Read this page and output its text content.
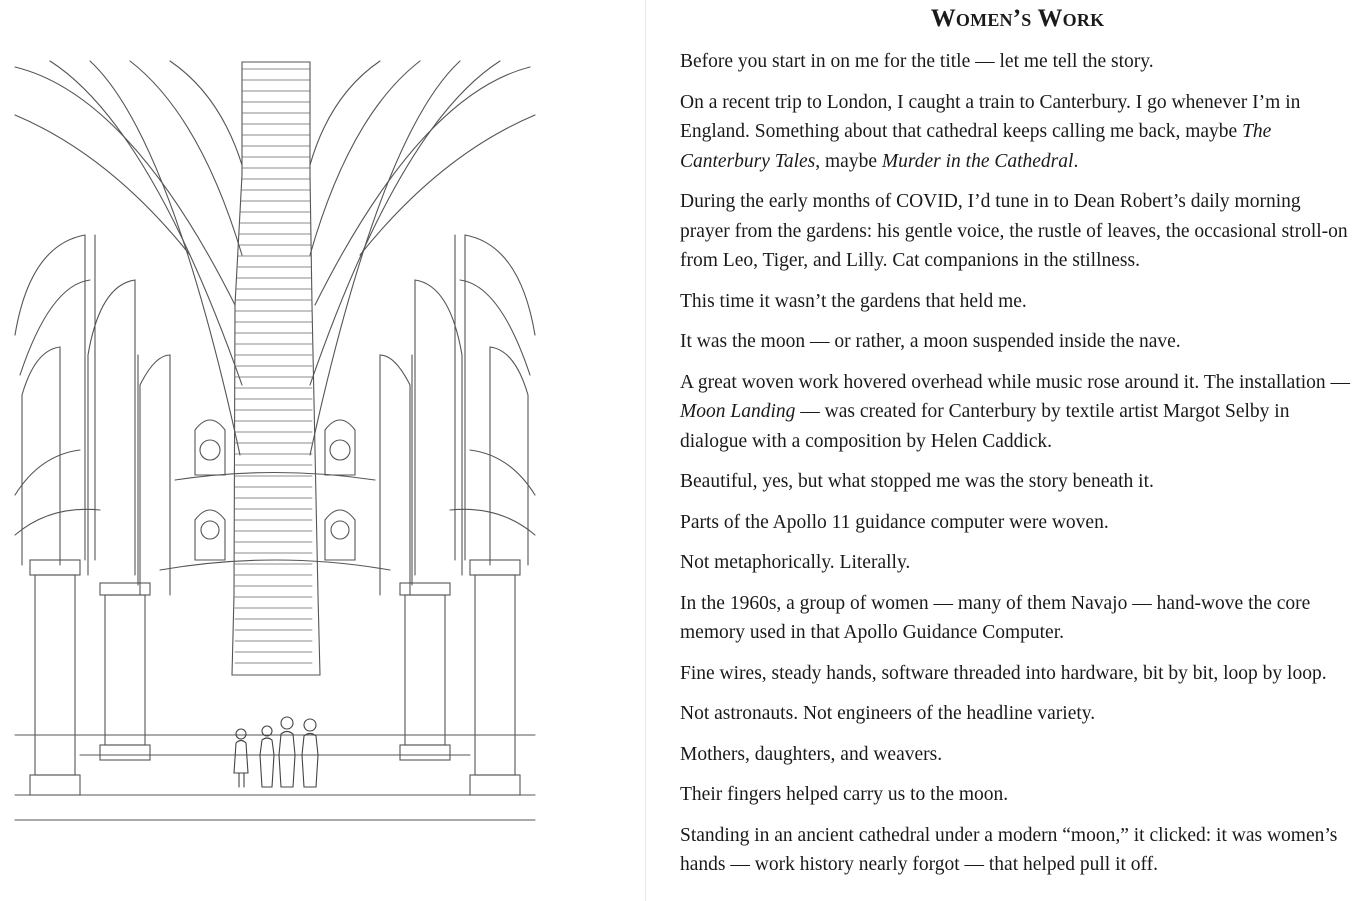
Women’s Work

Before you start in on me for the title — let me tell the story.

On a recent trip to London, I caught a train to Canterbury. I go whenever I’m in England. Something about that cathedral keeps calling me back, maybe The Canterbury Tales, maybe Murder in the Cathedral.

During the early months of COVID, I’d tune in to Dean Robert’s daily morning prayer from the gardens: his gentle voice, the rustle of leaves, the occasional stroll-on from Leo, Tiger, and Lilly. Cat companions in the stillness.

This time it wasn’t the gardens that held me.

It was the moon — or rather, a moon suspended inside the nave.

A great woven work hovered overhead while music rose around it. The installation — Moon Landing — was created for Canterbury by textile artist Margot Selby in dialogue with a composition by Helen Caddick.

Beautiful, yes, but what stopped me was the story beneath it.

Parts of the Apollo 11 guidance computer were woven.

Not metaphorically. Literally.

In the 1960s, a group of women — many of them Navajo — hand-wove the core memory used in that Apollo Guidance Computer.

Fine wires, steady hands, software threaded into hardware, bit by bit, loop by loop.

Not astronauts. Not engineers of the headline variety.

Mothers, daughters, and weavers.

Their fingers helped carry us to the moon.

Standing in an ancient cathedral under a modern “moon,” it clicked: it was women’s hands — work history nearly forgot — that helped pull it off.
